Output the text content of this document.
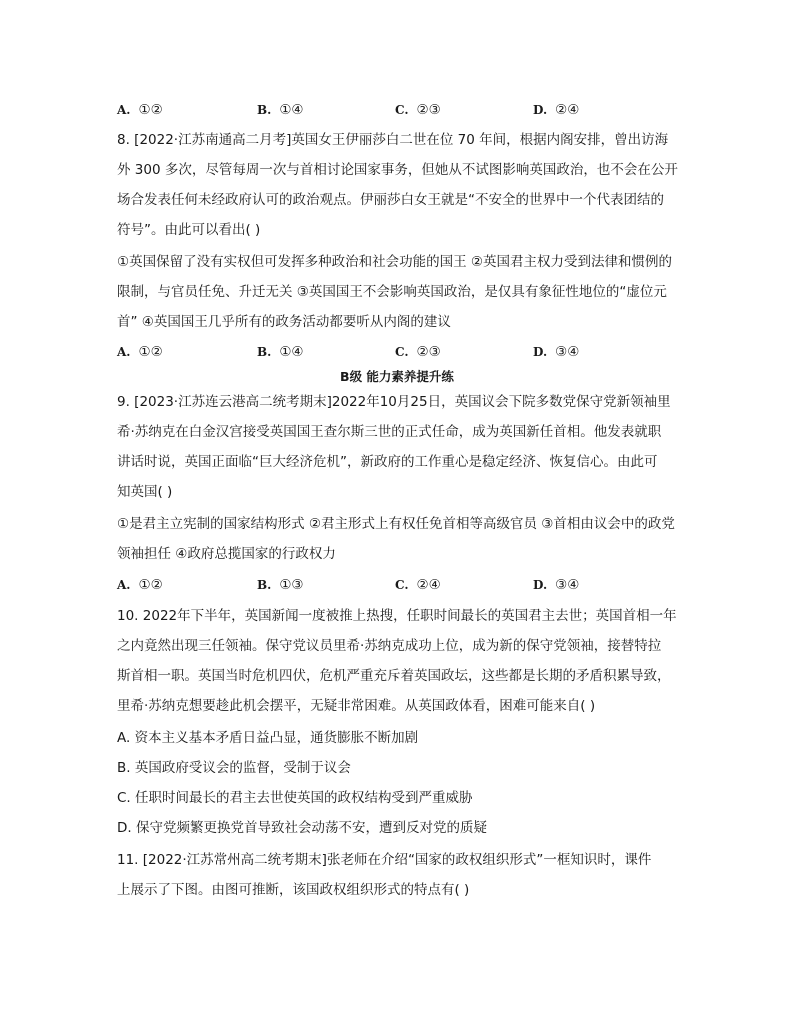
A. ①②	B. ①④	C. ②③	D. ②④
8. [2022·江苏南通高二月考]英国女王伊丽莎白二世在位 70 年间，根据内阁安排，曾出访海
外 300 多次，尽管每周一次与首相讨论国家事务，但她从不试图影响英国政治，也不会在公开
场合发表任何未经政府认可的政治观点。伊丽莎白女王就是“不安全的世界中一个代表团结的
符号”。由此可以看出( )
①英国保留了没有实权但可发挥多种政治和社会功能的国王 ②英国君主权力受到法律和惯例的
限制，与官员任免、升迁无关 ③英国国王不会影响英国政治，是仅具有象征性地位的“虚位元
首” ④英国国王几乎所有的政务活动都要听从内阁的建议
A. ①②	B. ①④	C. ②③	D. ③④
B级 能力素养提升练
9. [2023·江苏连云港高二统考期末]2022年10月25日，英国议会下院多数党保守党新领袖里
希·苏纳克在白金汉宫接受英国国王查尔斯三世的正式任命，成为英国新任首相。他发表就职
讲话时说，英国正面临“巨大经济危机”，新政府的工作重心是稳定经济、恢复信心。由此可
知英国( )
①是君主立宪制的国家结构形式 ②君主形式上有权任免首相等高级官员 ③首相由议会中的政党
领袖担任 ④政府总揽国家的行政权力
A. ①②	B. ①③	C. ②④	D. ③④
10. 2022年下半年，英国新闻一度被推上热搜，任职时间最长的英国君主去世；英国首相一年
之内竟然出现三任领袖。保守党议员里希·苏纳克成功上位，成为新的保守党领袖，接替特拉
斯首相一职。英国当时危机四伏，危机严重充斥着英国政坛，这些都是长期的矛盾积累导致，
里希·苏纳克想要趁此机会摆平，无疑非常困难。从英国政体看，困难可能来自( )
A. 资本主义基本矛盾日益凸显，通货膨胀不断加剧
B. 英国政府受议会的监督，受制于议会
C. 任职时间最长的君主去世使英国的政权结构受到严重威胁
D. 保守党频繁更换党首导致社会动荡不安，遭到反对党的质疑
11. [2022·江苏常州高二统考期末]张老师在介绍“国家的政权组织形式”一框知识时，课件
上展示了下图。由图可推断，该国政权组织形式的特点有( )
